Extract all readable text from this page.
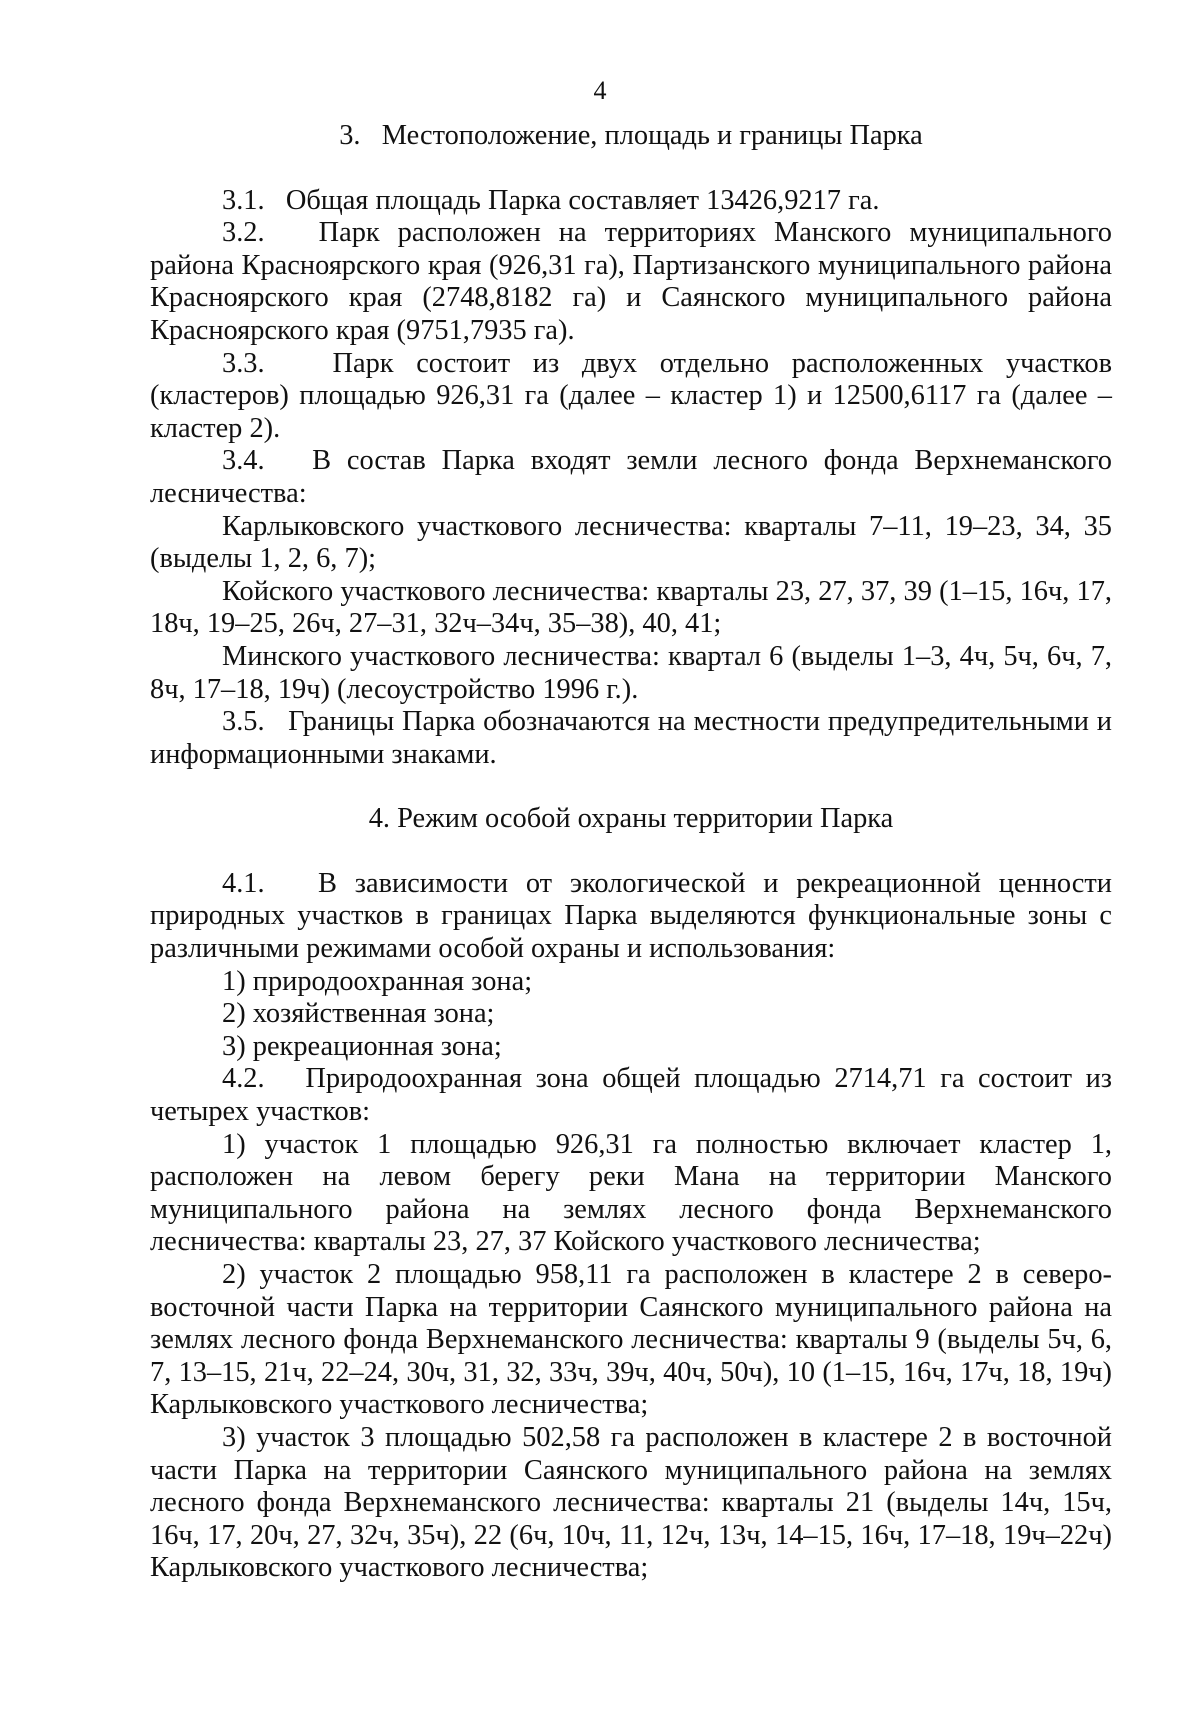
4

3.   Местоположение, площадь и границы Парка

3.1.   Общая площадь Парка составляет 13426,9217 га.

3.2.   Парк расположен на территориях Манского муниципального района Красноярского края (926,31 га), Партизанского муниципального района Красноярского края (2748,8182 га) и Саянского муниципального района Красноярского края (9751,7935 га).

3.3.   Парк состоит из двух отдельно расположенных участков (кластеров) площадью 926,31 га (далее – кластер 1) и 12500,6117 га (далее – кластер 2).

3.4.   В состав Парка входят земли лесного фонда Верхнеманского лесничества:

Карлыковского участкового лесничества: кварталы 7–11, 19–23, 34, 35 (выделы 1, 2, 6, 7);

Койского участкового лесничества: кварталы 23, 27, 37, 39 (1–15, 16ч, 17, 18ч, 19–25, 26ч, 27–31, 32ч–34ч, 35–38), 40, 41;

Минского участкового лесничества: квартал 6 (выделы 1–3, 4ч, 5ч, 6ч, 7, 8ч, 17–18, 19ч) (лесоустройство 1996 г.).

3.5.   Границы Парка обозначаются на местности предупредительными и информационными знаками.

4. Режим особой охраны территории Парка

4.1.   В зависимости от экологической и рекреационной ценности природных участков в границах Парка выделяются функциональные зоны с различными режимами особой охраны и использования:

1) природоохранная зона;

2) хозяйственная зона;

3) рекреационная зона;

4.2.   Природоохранная зона общей площадью 2714,71 га состоит из четырех участков:

1) участок 1 площадью 926,31 га полностью включает кластер 1, расположен на левом берегу реки Мана на территории Манского муниципального района на землях лесного фонда Верхнеманского лесничества: кварталы 23, 27, 37 Койского участкового лесничества;

2) участок 2 площадью 958,11 га расположен в кластере 2 в северо-восточной части Парка на территории Саянского муниципального района на землях лесного фонда Верхнеманского лесничества: кварталы 9 (выделы 5ч, 6, 7, 13–15, 21ч, 22–24, 30ч, 31, 32, 33ч, 39ч, 40ч, 50ч), 10 (1–15, 16ч, 17ч, 18, 19ч) Карлыковского участкового лесничества;

3) участок 3 площадью 502,58 га расположен в кластере 2 в восточной части Парка на территории Саянского муниципального района на землях лесного фонда Верхнеманского лесничества: кварталы 21 (выделы 14ч, 15ч, 16ч, 17, 20ч, 27, 32ч, 35ч), 22 (6ч, 10ч, 11, 12ч, 13ч, 14–15, 16ч, 17–18, 19ч–22ч) Карлыковского участкового лесничества;
